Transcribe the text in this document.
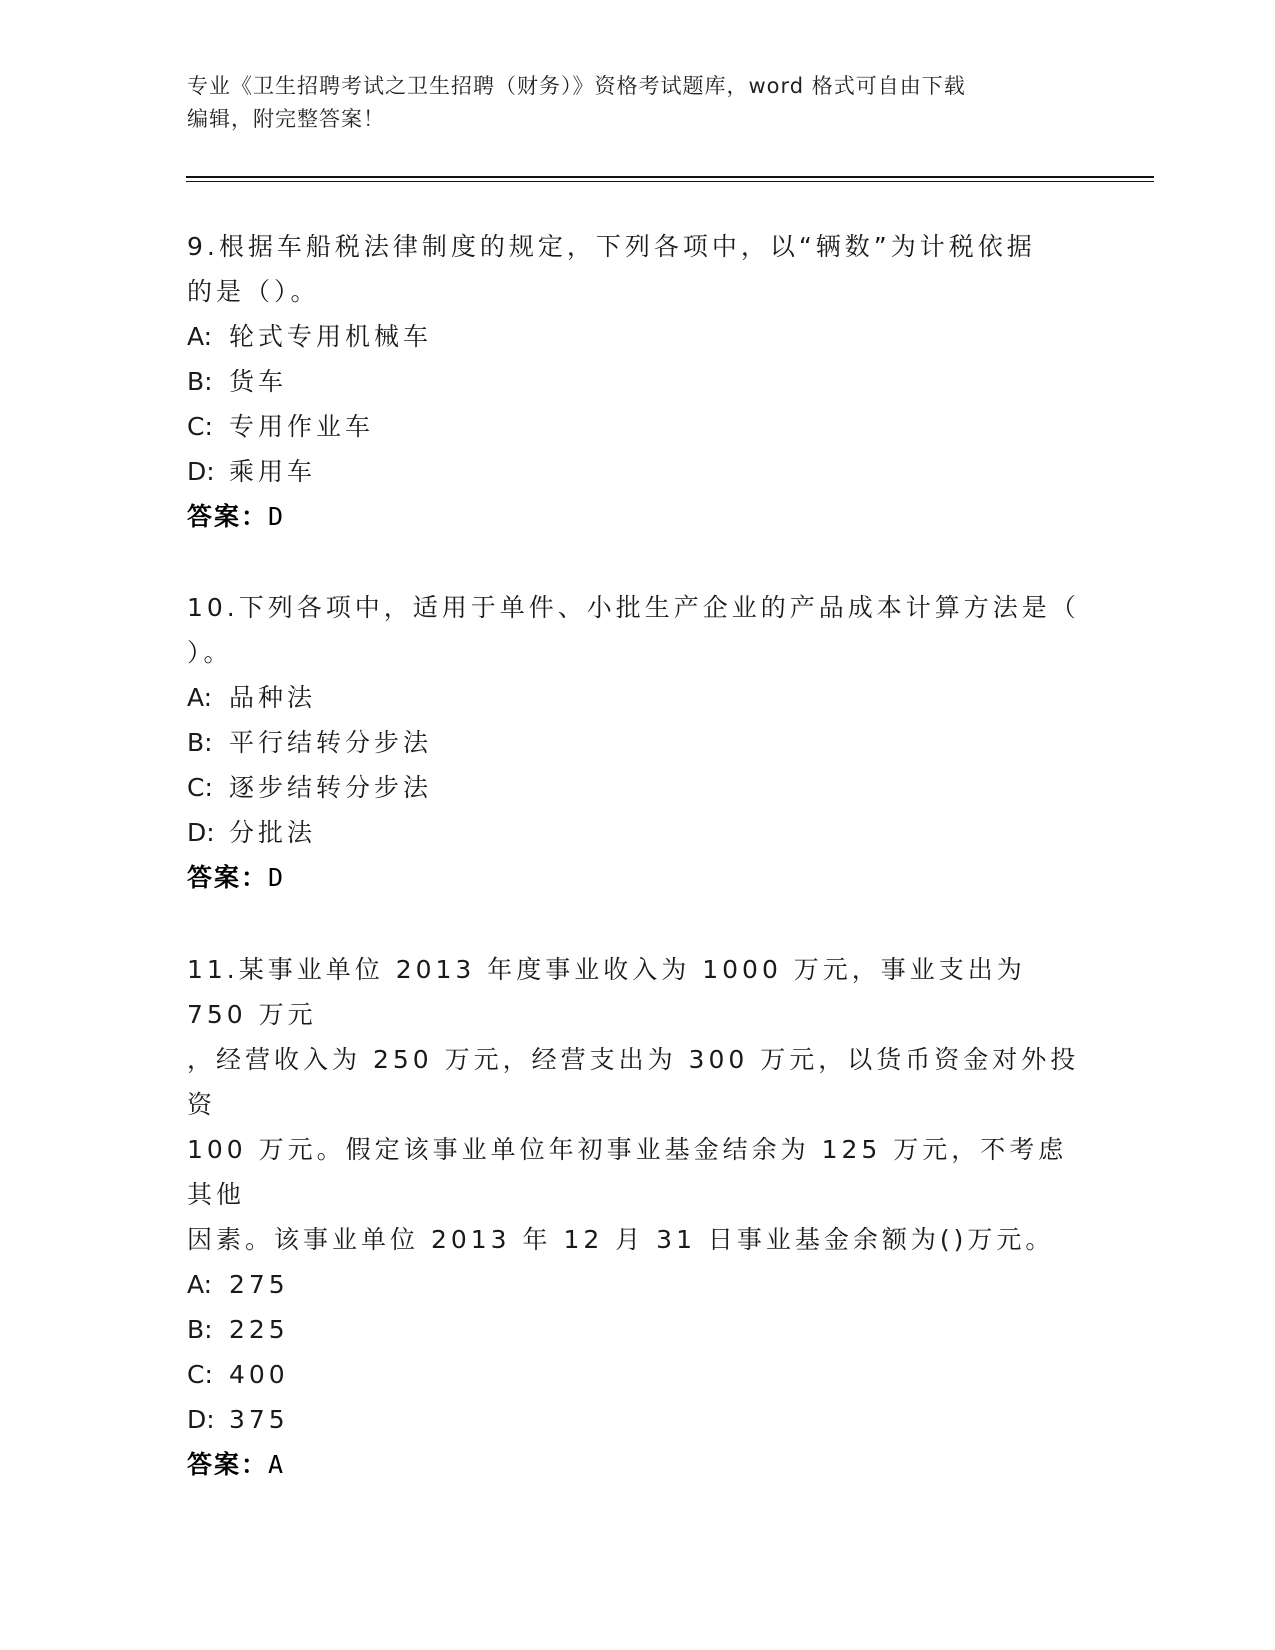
专业《卫生招聘考试之卫生招聘（财务）》资格考试题库，word 格式可自由下载
编辑，附完整答案！

9.根据车船税法律制度的规定，下列各项中，以“辆数”为计税依据

的是（）。

A: 轮式专用机械车

B: 货车

C: 专用作业车

D: 乘用车

答案：D

10.下列各项中，适用于单件、小批生产企业的产品成本计算方法是（

）。

A: 品种法

B: 平行结转分步法

C: 逐步结转分步法

D: 分批法

答案：D

11.某事业单位 2013 年度事业收入为 1000 万元，事业支出为 750 万元

，经营收入为 250 万元，经营支出为 300 万元，以货币资金对外投资

100 万元。假定该事业单位年初事业基金结余为 125 万元，不考虑其他

因素。该事业单位 2013 年 12 月 31 日事业基金余额为()万元。

A: 275

B: 225

C: 400

D: 375

答案：A
